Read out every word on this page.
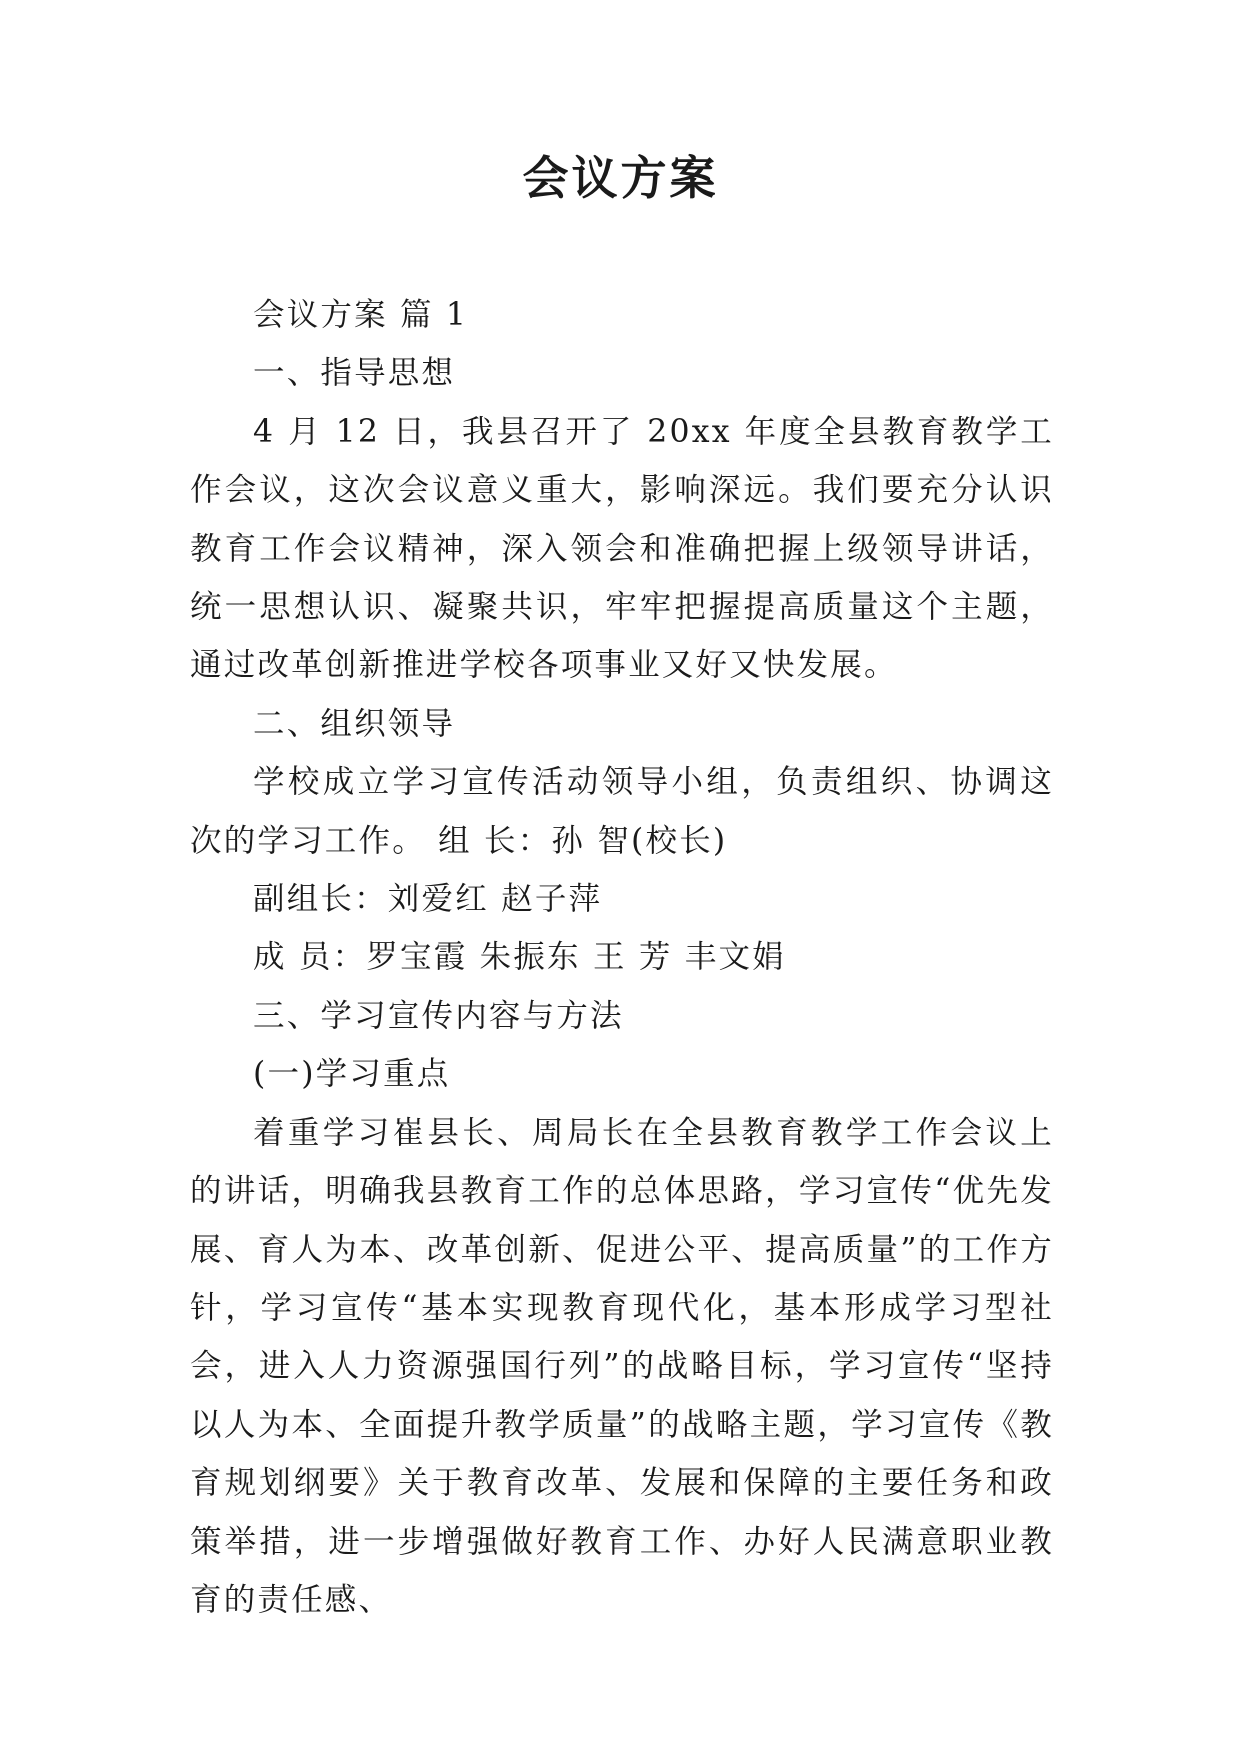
会议方案

会议方案 篇 1

一、指导思想

4 月 12 日，我县召开了 20xx 年度全县教育教学工作会议，这次会议意义重大，影响深远。我们要充分认识教育工作会议精神，深入领会和准确把握上级领导讲话，统一思想认识、凝聚共识，牢牢把握提高质量这个主题，通过改革创新推进学校各项事业又好又快发展。

二、组织领导

学校成立学习宣传活动领导小组，负责组织、协调这次的学习工作。 组 长：孙 智(校长)

副组长：刘爱红 赵子萍

成 员：罗宝霞 朱振东 王 芳 丰文娟

三、学习宣传内容与方法

(一)学习重点

着重学习崔县长、周局长在全县教育教学工作会议上的讲话，明确我县教育工作的总体思路，学习宣传“优先发展、育人为本、改革创新、促进公平、提高质量”的工作方针，学习宣传“基本实现教育现代化，基本形成学习型社会，进入人力资源强国行列”的战略目标，学习宣传“坚持以人为本、全面提升教学质量”的战略主题，学习宣传《教育规划纲要》关于教育改革、发展和保障的主要任务和政策举措，进一步增强做好教育工作、办好人民满意职业教育的责任感、
